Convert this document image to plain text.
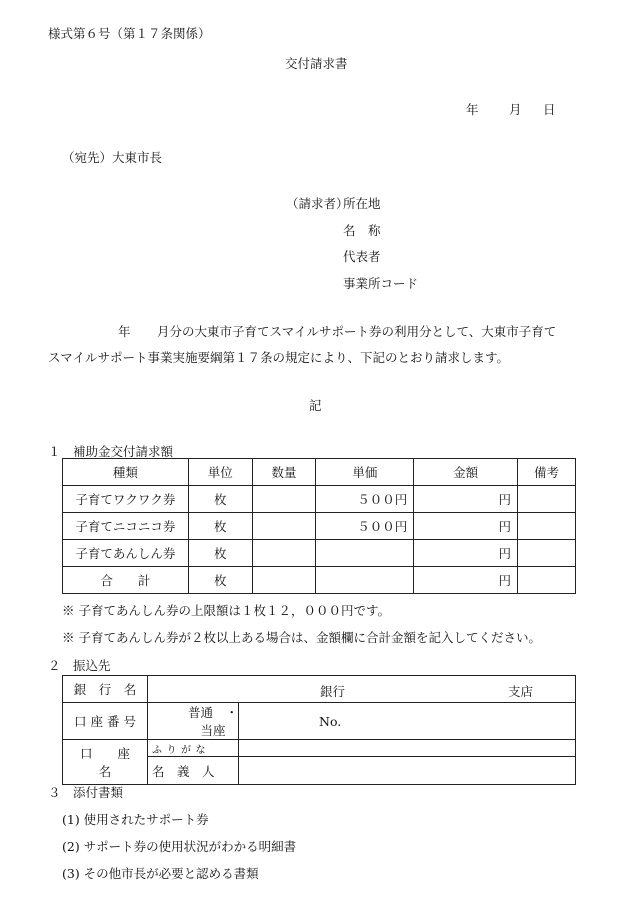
様式第６号（第１７条関係）
交付請求書
年 月 日
（宛先）大東市長
（請求者）
所在地
名　称
代表者
事業所コード
年 月分の大東市子育てスマイルサポート券の利用分として、大東市子育て
スマイルサポート事業実施要綱第１７条の規定により、下記のとおり請求します。
記
１　補助金交付請求額
種類	単位	数量	単価	金額	備考
子育てワクワク券	枚		５００円	円	
子育てニコニコ券	枚		５００円	円	
子育てあんしん券	枚			円	
合　　計	枚			円	
※ 子育てあんしん券の上限額は１枚１２，０００円です。
※ 子育てあんしん券が２枚以上ある場合は、金額欄に合計金額を記入してください。
２　振込先
銀　行　名	銀行 支店	

口 座 番 号	普通　・　当座	No.
口　　座　　名	ふりがな	
	名　義　人	
３　添付書類
(1) 使用されたサポート券
(2) サポート券の使用状況がわかる明細書
(3) その他市長が必要と認める書類
